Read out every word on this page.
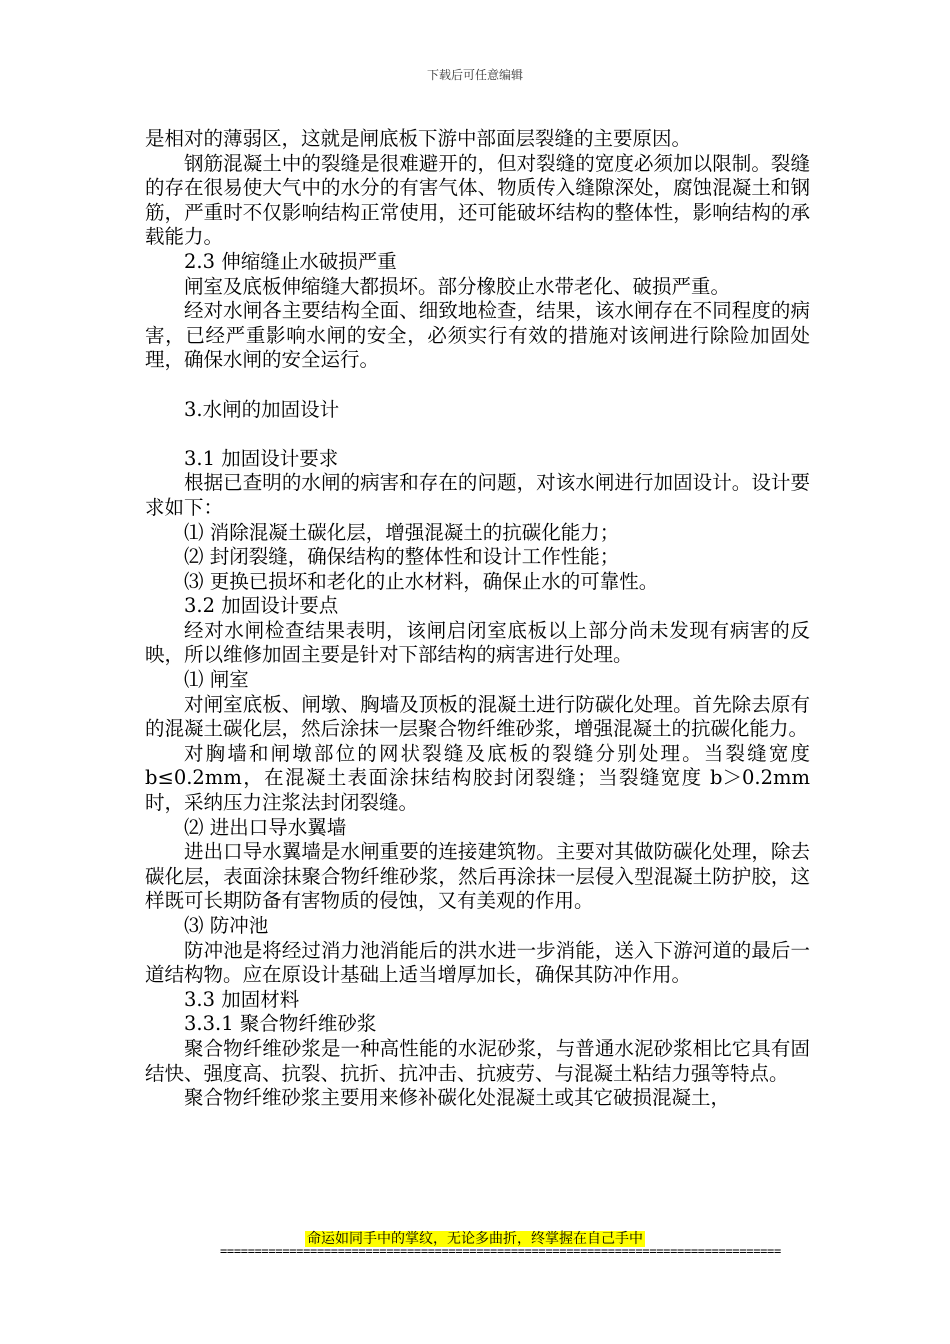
下载后可任意编辑

是相对的薄弱区，这就是闸底板下游中部面层裂缝的主要原因。

钢筋混凝土中的裂缝是很难避开的，但对裂缝的宽度必须加以限制。裂缝的存在很易使大气中的水分的有害气体、物质传入缝隙深处，腐蚀混凝土和钢筋，严重时不仅影响结构正常使用，还可能破坏结构的整体性，影响结构的承载能力。

2.3 伸缩缝止水破损严重

闸室及底板伸缩缝大都损坏。部分橡胶止水带老化、破损严重。

经对水闸各主要结构全面、细致地检查，结果，该水闸存在不同程度的病害，已经严重影响水闸的安全，必须实行有效的措施对该闸进行除险加固处理，确保水闸的安全运行。

3.水闸的加固设计

3.1 加固设计要求

根据已查明的水闸的病害和存在的问题，对该水闸进行加固设计。设计要求如下：

⑴ 消除混凝土碳化层，增强混凝土的抗碳化能力；

⑵ 封闭裂缝，确保结构的整体性和设计工作性能；

⑶ 更换已损坏和老化的止水材料，确保止水的可靠性。

3.2 加固设计要点

经对水闸检查结果表明，该闸启闭室底板以上部分尚未发现有病害的反映，所以维修加固主要是针对下部结构的病害进行处理。

⑴ 闸室

对闸室底板、闸墩、胸墙及顶板的混凝土进行防碳化处理。首先除去原有的混凝土碳化层，然后涂抹一层聚合物纤维砂浆，增强混凝土的抗碳化能力。

对胸墙和闸墩部位的网状裂缝及底板的裂缝分别处理。当裂缝宽度 b≤0.2mm，在混凝土表面涂抹结构胶封闭裂缝；当裂缝宽度 b＞0.2mm 时，采纳压力注浆法封闭裂缝。

⑵ 进出口导水翼墙

进出口导水翼墙是水闸重要的连接建筑物。主要对其做防碳化处理，除去碳化层，表面涂抹聚合物纤维砂浆，然后再涂抹一层侵入型混凝土防护胶，这样既可长期防备有害物质的侵蚀，又有美观的作用。

⑶ 防冲池

防冲池是将经过消力池消能后的洪水进一步消能，送入下游河道的最后一道结构物。应在原设计基础上适当增厚加长，确保其防冲作用。

3.3 加固材料

3.3.1 聚合物纤维砂浆

聚合物纤维砂浆是一种高性能的水泥砂浆，与普通水泥砂浆相比它具有固结快、强度高、抗裂、抗折、抗冲击、抗疲劳、与混凝土粘结力强等特点。

聚合物纤维砂浆主要用来修补碳化处混凝土或其它破损混凝土，

命运如同手中的掌纹，无论多曲折，终掌握在自己手中
=================================================================================
